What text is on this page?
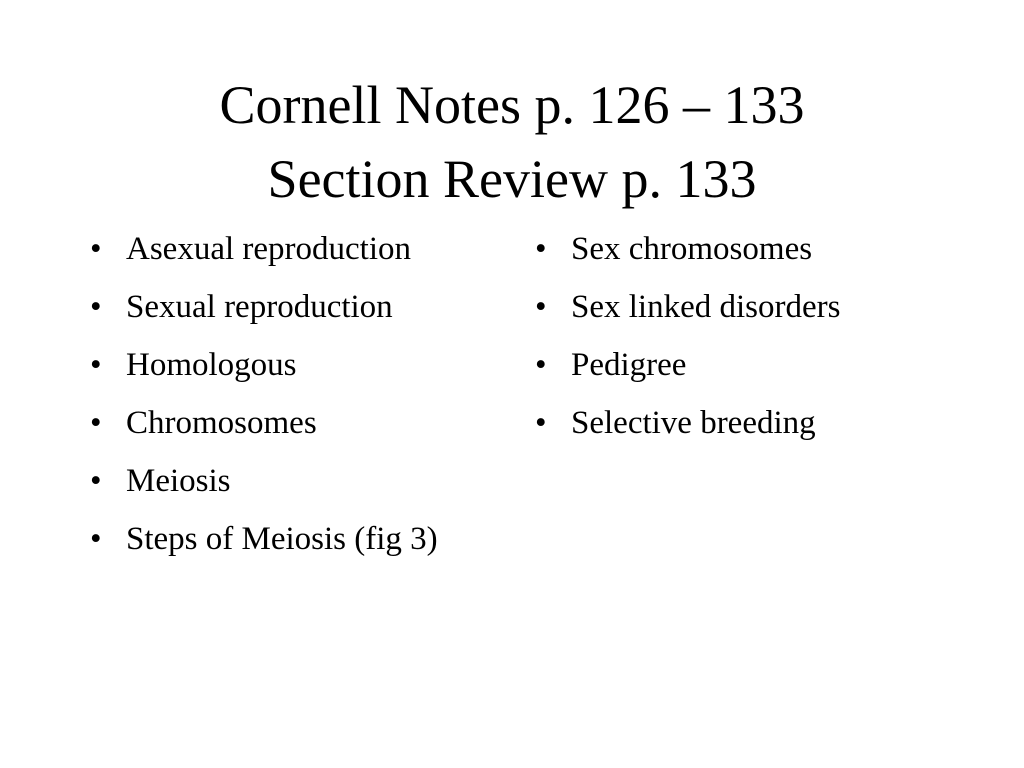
Cornell Notes p. 126 – 133
Section Review p. 133
• Asexual reproduction
• Sexual reproduction
• Homologous
• Chromosomes
• Meiosis
• Steps of Meiosis (fig 3)
• Sex chromosomes
• Sex linked disorders
• Pedigree
• Selective breeding
